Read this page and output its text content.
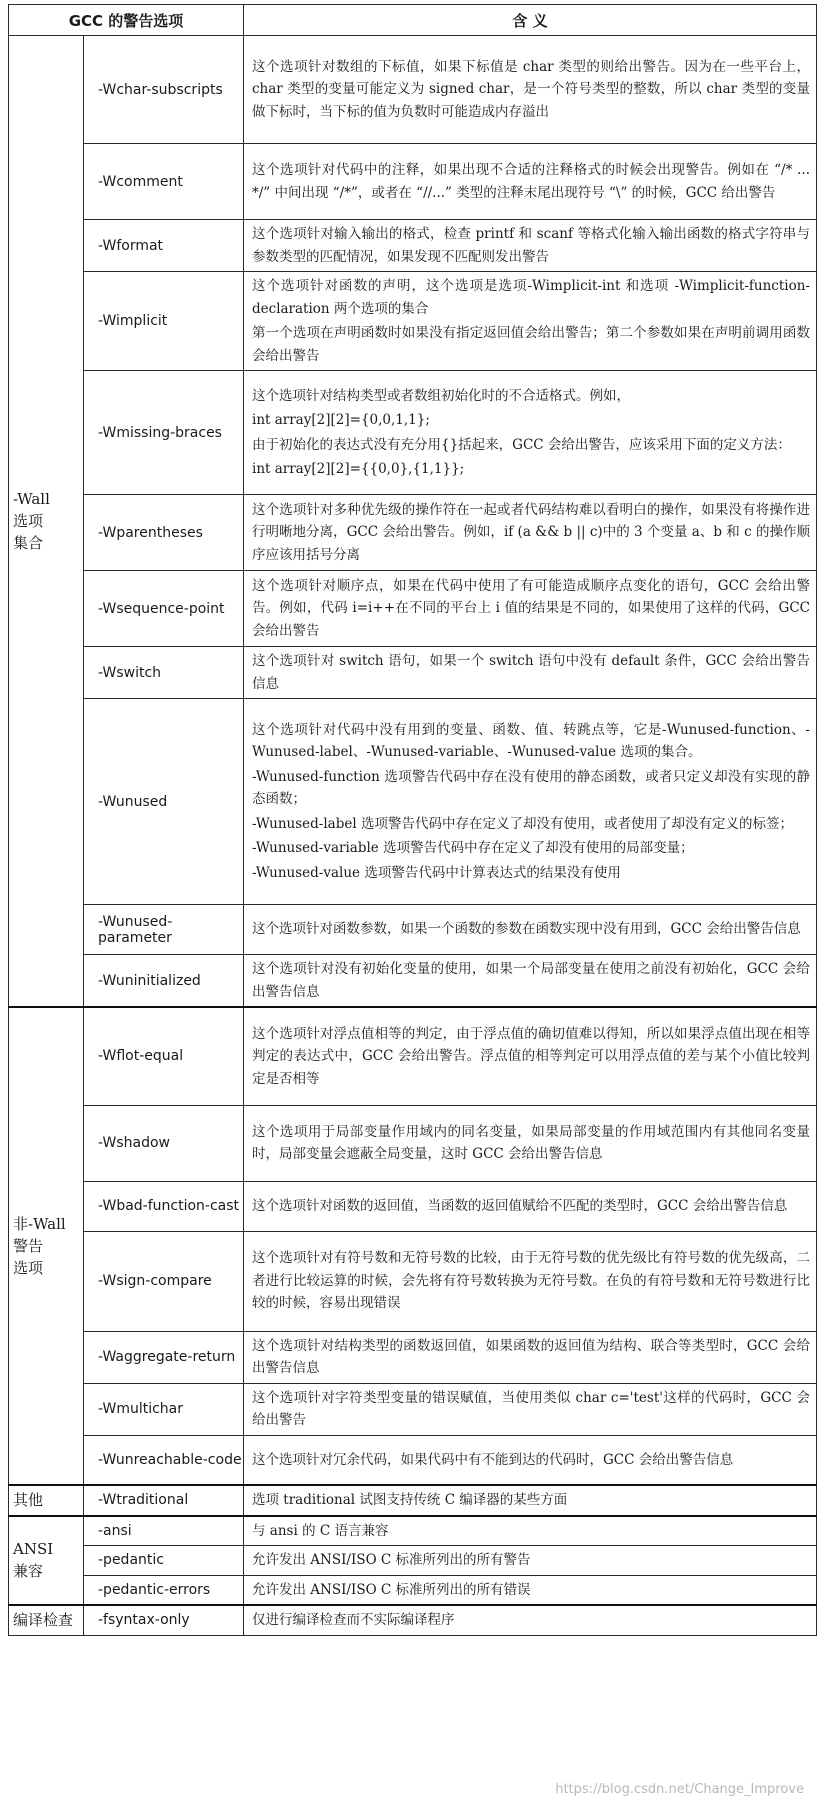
GCC 的警告选项		含 义

-Wall
选项
集合	-Wchar-subscripts	这个选项针对数组的下标值，如果下标值是 char 类型的则给出警告。因为在一些平台上，char 类型的变量可能定义为 signed char，是一个符号类型的整数，所以 char 类型的变量做下标时，当下标的值为负数时可能造成内存溢出

	-Wcomment	这个选项针对代码中的注释，如果出现不合适的注释格式的时候会出现警告。例如在 “/* ... */” 中间出现 “/*”，或者在 “//...” 类型的注释末尾出现符号 “\” 的时候，GCC 给出警告

	-Wformat	这个选项针对输入输出的格式，检查 printf 和 scanf 等格式化输入输出函数的格式字符串与参数类型的匹配情况，如果发现不匹配则发出警告

	-Wimplicit	这个选项针对函数的声明，这个选项是选项-Wimplicit-int 和选项 -Wimplicit-function-declaration 两个选项的集合

第一个选项在声明函数时如果没有指定返回值会给出警告；第二个参数如果在声明前调用函数会给出警告

	-Wmissing-braces	这个选项针对结构类型或者数组初始化时的不合适格式。例如，

int array[2][2]={0,0,1,1};

由于初始化的表达式没有充分用{}括起来，GCC 会给出警告，应该采用下面的定义方法：

int array[2][2]={{0,0},{1,1}};

	-Wparentheses	这个选项针对多种优先级的操作符在一起或者代码结构难以看明白的操作，如果没有将操作进行明晰地分离，GCC 会给出警告。例如，if (a && b || c)中的 3 个变量 a、b 和 c 的操作顺序应该用括号分离

	-Wsequence-point	这个选项针对顺序点，如果在代码中使用了有可能造成顺序点变化的语句，GCC 会给出警告。例如，代码 i=i++在不同的平台上 i 值的结果是不同的，如果使用了这样的代码，GCC 会给出警告

	-Wswitch	这个选项针对 switch 语句，如果一个 switch 语句中没有 default 条件，GCC 会给出警告信息

	-Wunused	这个选项针对代码中没有用到的变量、函数、值、转跳点等，它是-Wunused-function、-Wunused-label、-Wunused-variable、-Wunused-value 选项的集合。

-Wunused-function 选项警告代码中存在没有使用的静态函数，或者只定义却没有实现的静态函数；

-Wunused-label 选项警告代码中存在定义了却没有使用，或者使用了却没有定义的标签；

-Wunused-variable 选项警告代码中存在定义了却没有使用的局部变量；

-Wunused-value 选项警告代码中计算表达式的结果没有使用

	-Wunused-parameter	这个选项针对函数参数，如果一个函数的参数在函数实现中没有用到，GCC 会给出警告信息

	-Wuninitialized	这个选项针对没有初始化变量的使用，如果一个局部变量在使用之前没有初始化，GCC 会给出警告信息

非-Wall
警告
选项	-Wflot-equal	这个选项针对浮点值相等的判定，由于浮点值的确切值难以得知，所以如果浮点值出现在相等判定的表达式中，GCC 会给出警告。浮点值的相等判定可以用浮点值的差与某个小值比较判定是否相等

	-Wshadow	这个选项用于局部变量作用域内的同名变量，如果局部变量的作用域范围内有其他同名变量时，局部变量会遮蔽全局变量，这时 GCC 会给出警告信息

	-Wbad-function-cast	这个选项针对函数的返回值，当函数的返回值赋给不匹配的类型时，GCC 会给出警告信息

	-Wsign-compare	这个选项针对有符号数和无符号数的比较，由于无符号数的优先级比有符号数的优先级高，二者进行比较运算的时候，会先将有符号数转换为无符号数。在负的有符号数和无符号数进行比较的时候，容易出现错误

	-Waggregate-return	这个选项针对结构类型的函数返回值，如果函数的返回值为结构、联合等类型时，GCC 会给出警告信息

	-Wmultichar	这个选项针对字符类型变量的错误赋值，当使用类似 char c='test'这样的代码时，GCC 会给出警告

	-Wunreachable-code	这个选项针对冗余代码，如果代码中有不能到达的代码时，GCC 会给出警告信息

其他	-Wtraditional	选项 traditional 试图支持传统 C 编译器的某些方面

ANSI
兼容	-ansi	与 ansi 的 C 语言兼容

	-pedantic	允许发出 ANSI/ISO C 标准所列出的所有警告

	-pedantic-errors	允许发出 ANSI/ISO C 标准所列出的所有错误

编译检查	-fsyntax-only	仅进行编译检查而不实际编译程序

https://blog.csdn.net/Change_Improve
